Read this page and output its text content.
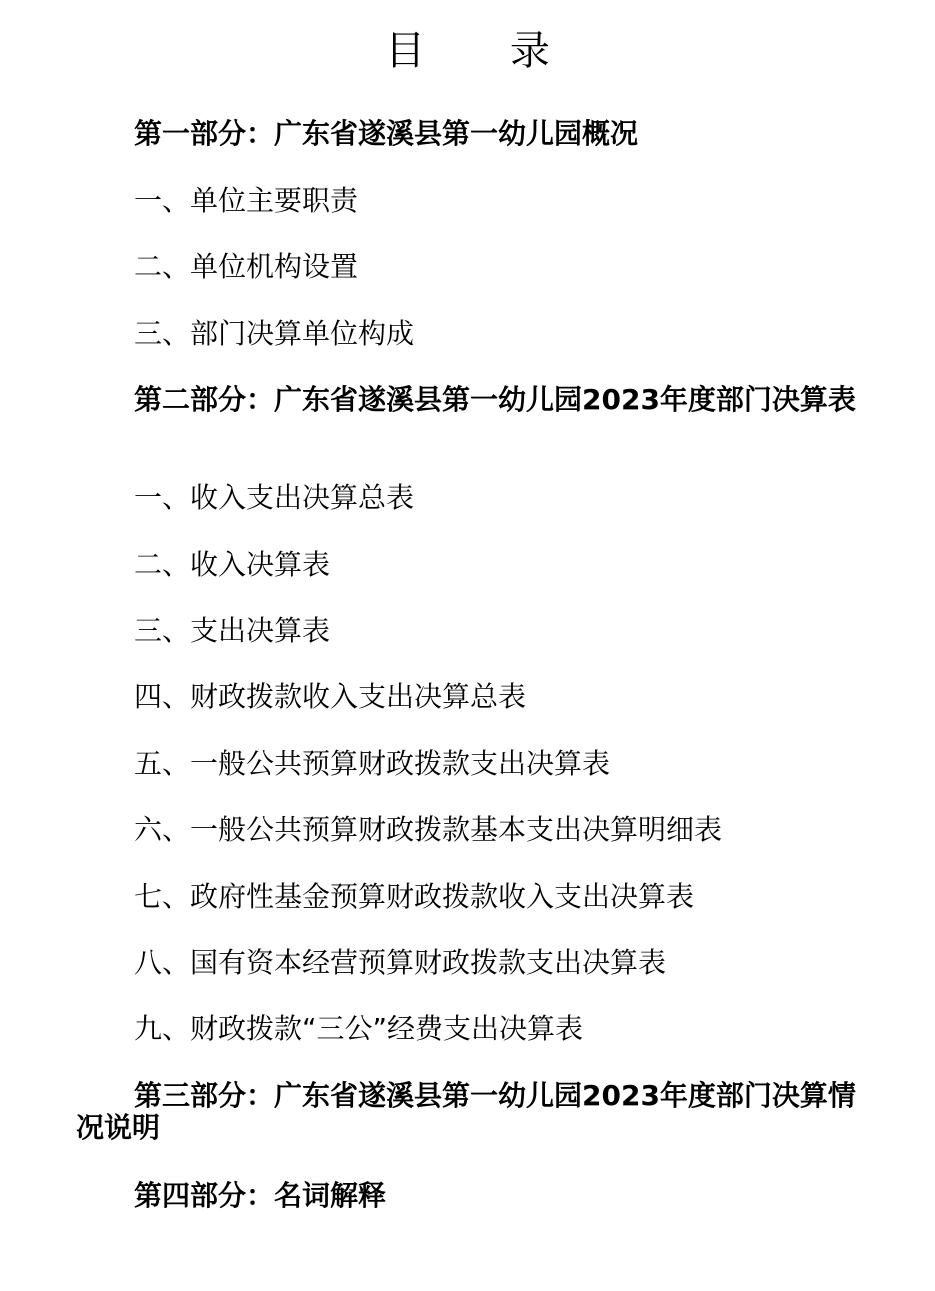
目 录
第一部分：广东省遂溪县第一幼儿园概况
一、单位主要职责
二、单位机构设置
三、部门决算单位构成
第二部分：广东省遂溪县第一幼儿园2023年度部门决算表
一、收入支出决算总表
二、收入决算表
三、支出决算表
四、财政拨款收入支出决算总表
五、一般公共预算财政拨款支出决算表
六、一般公共预算财政拨款基本支出决算明细表
七、政府性基金预算财政拨款收入支出决算表
八、国有资本经营预算财政拨款支出决算表
九、财政拨款“三公”经费支出决算表
第三部分：广东省遂溪县第一幼儿园2023年度部门决算情况说明
第四部分：名词解释
